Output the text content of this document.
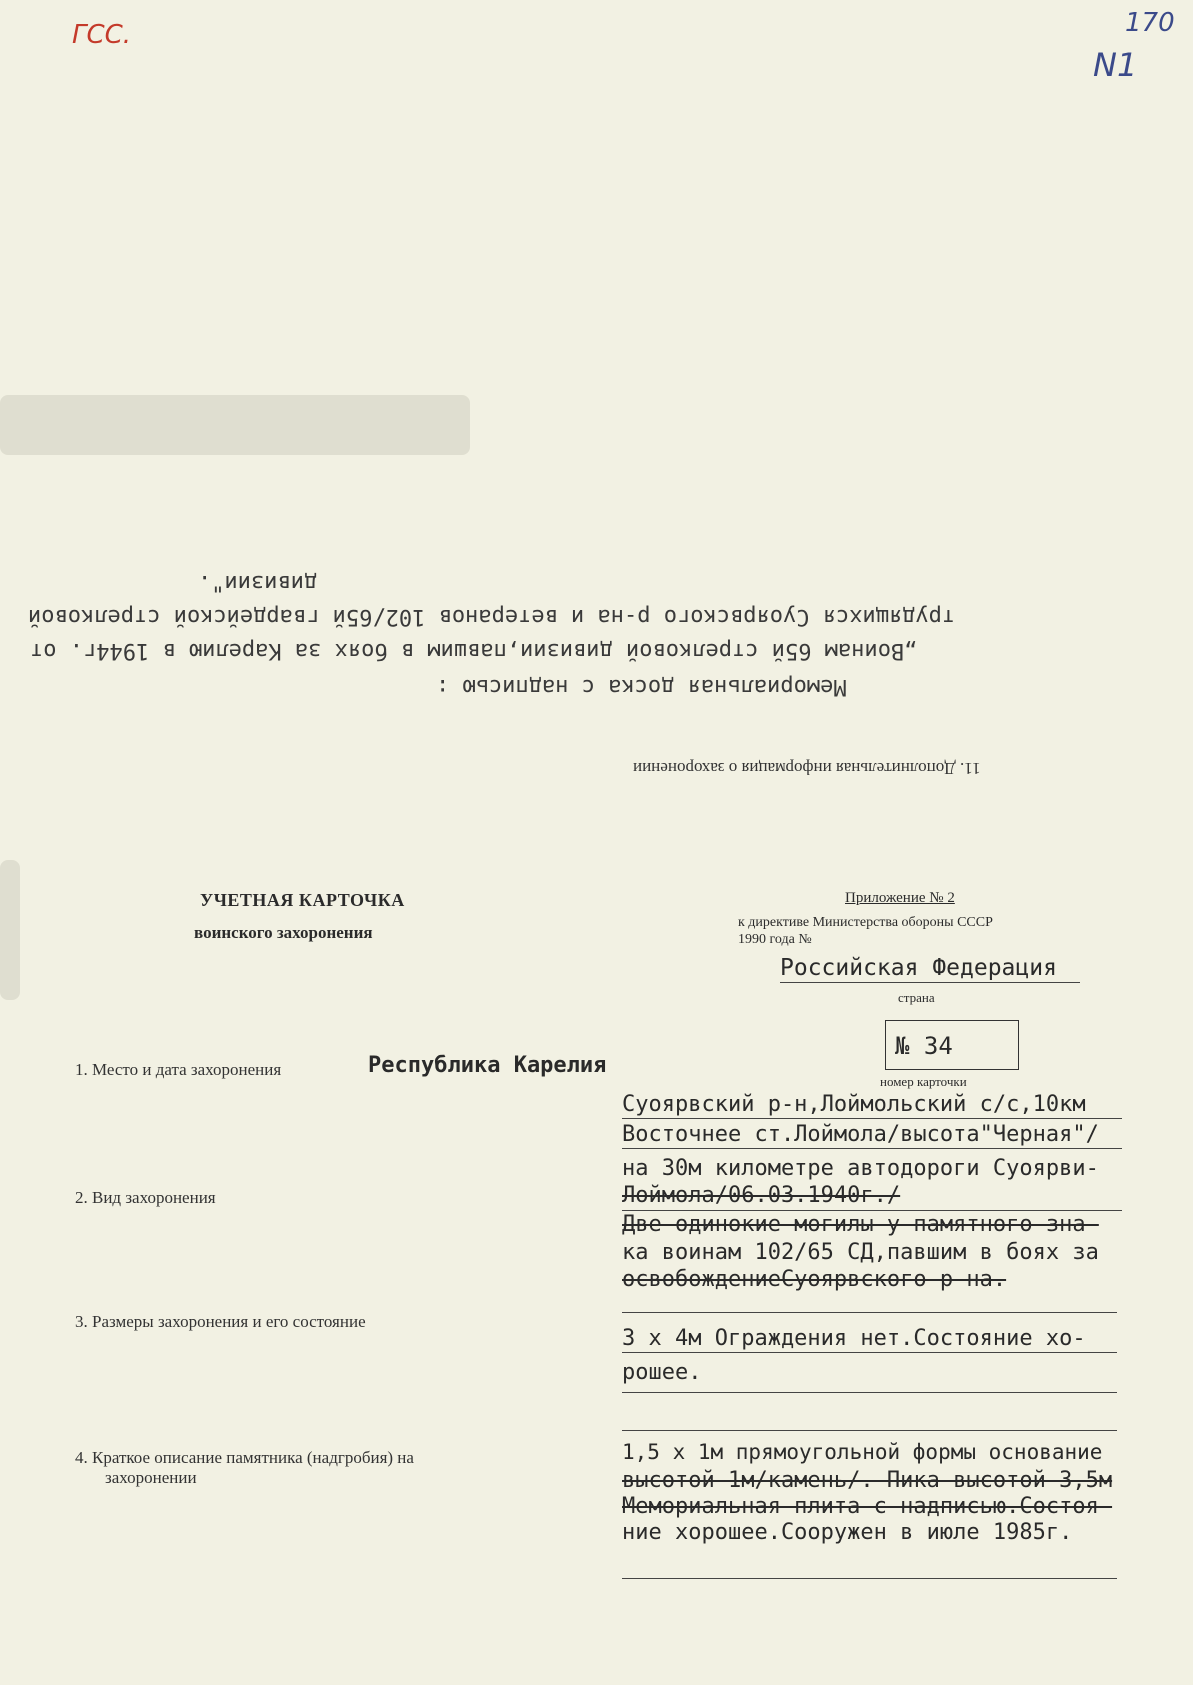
ГСС.	170
N1
дивизии".
трудящихся Суоярвского р-на и ветеранов 102/65й гвардейской стрелковой
„Воинам 65й стрелковой дивизии,павшим в боях за Карелию в 1944г. от
Мемориальная доска с надписью :
11. Дополнительная информация о захоронении
УЧЕТНАЯ КАРТОЧКА
воинского захоронения
Приложение № 2
к директиве Министерства обороны СССР
1990 года №
Российская Федерация
страна
№ 34
номер карточки
1. Место и дата захоронения	Республика Карелия
Суоярвский р-н,Лоймольский с/с,10км
Восточнее ст.Лоймола/высота"Черная"/
на 30м километре автодороги Суоярви-
Лоймола/06.03.1940г./
2. Вид захоронения
Две одинокие могилы у памятного зна-
ка воинам 102/65 СД,павшим в боях за
освобождениеСуоярвского р-на.
3. Размеры захоронения и его состояние
3 х 4м Ограждения нет.Состояние хо-
рошее.
4. Краткое описание памятника (надгробия) на
захоронении
1,5 х 1м прямоугольной формы основание
высотой 1м/камень/. Пика высотой 3,5м
Мемориальная плита с надписью.Состоя-
ние хорошее.Сооружен в июле 1985г.
